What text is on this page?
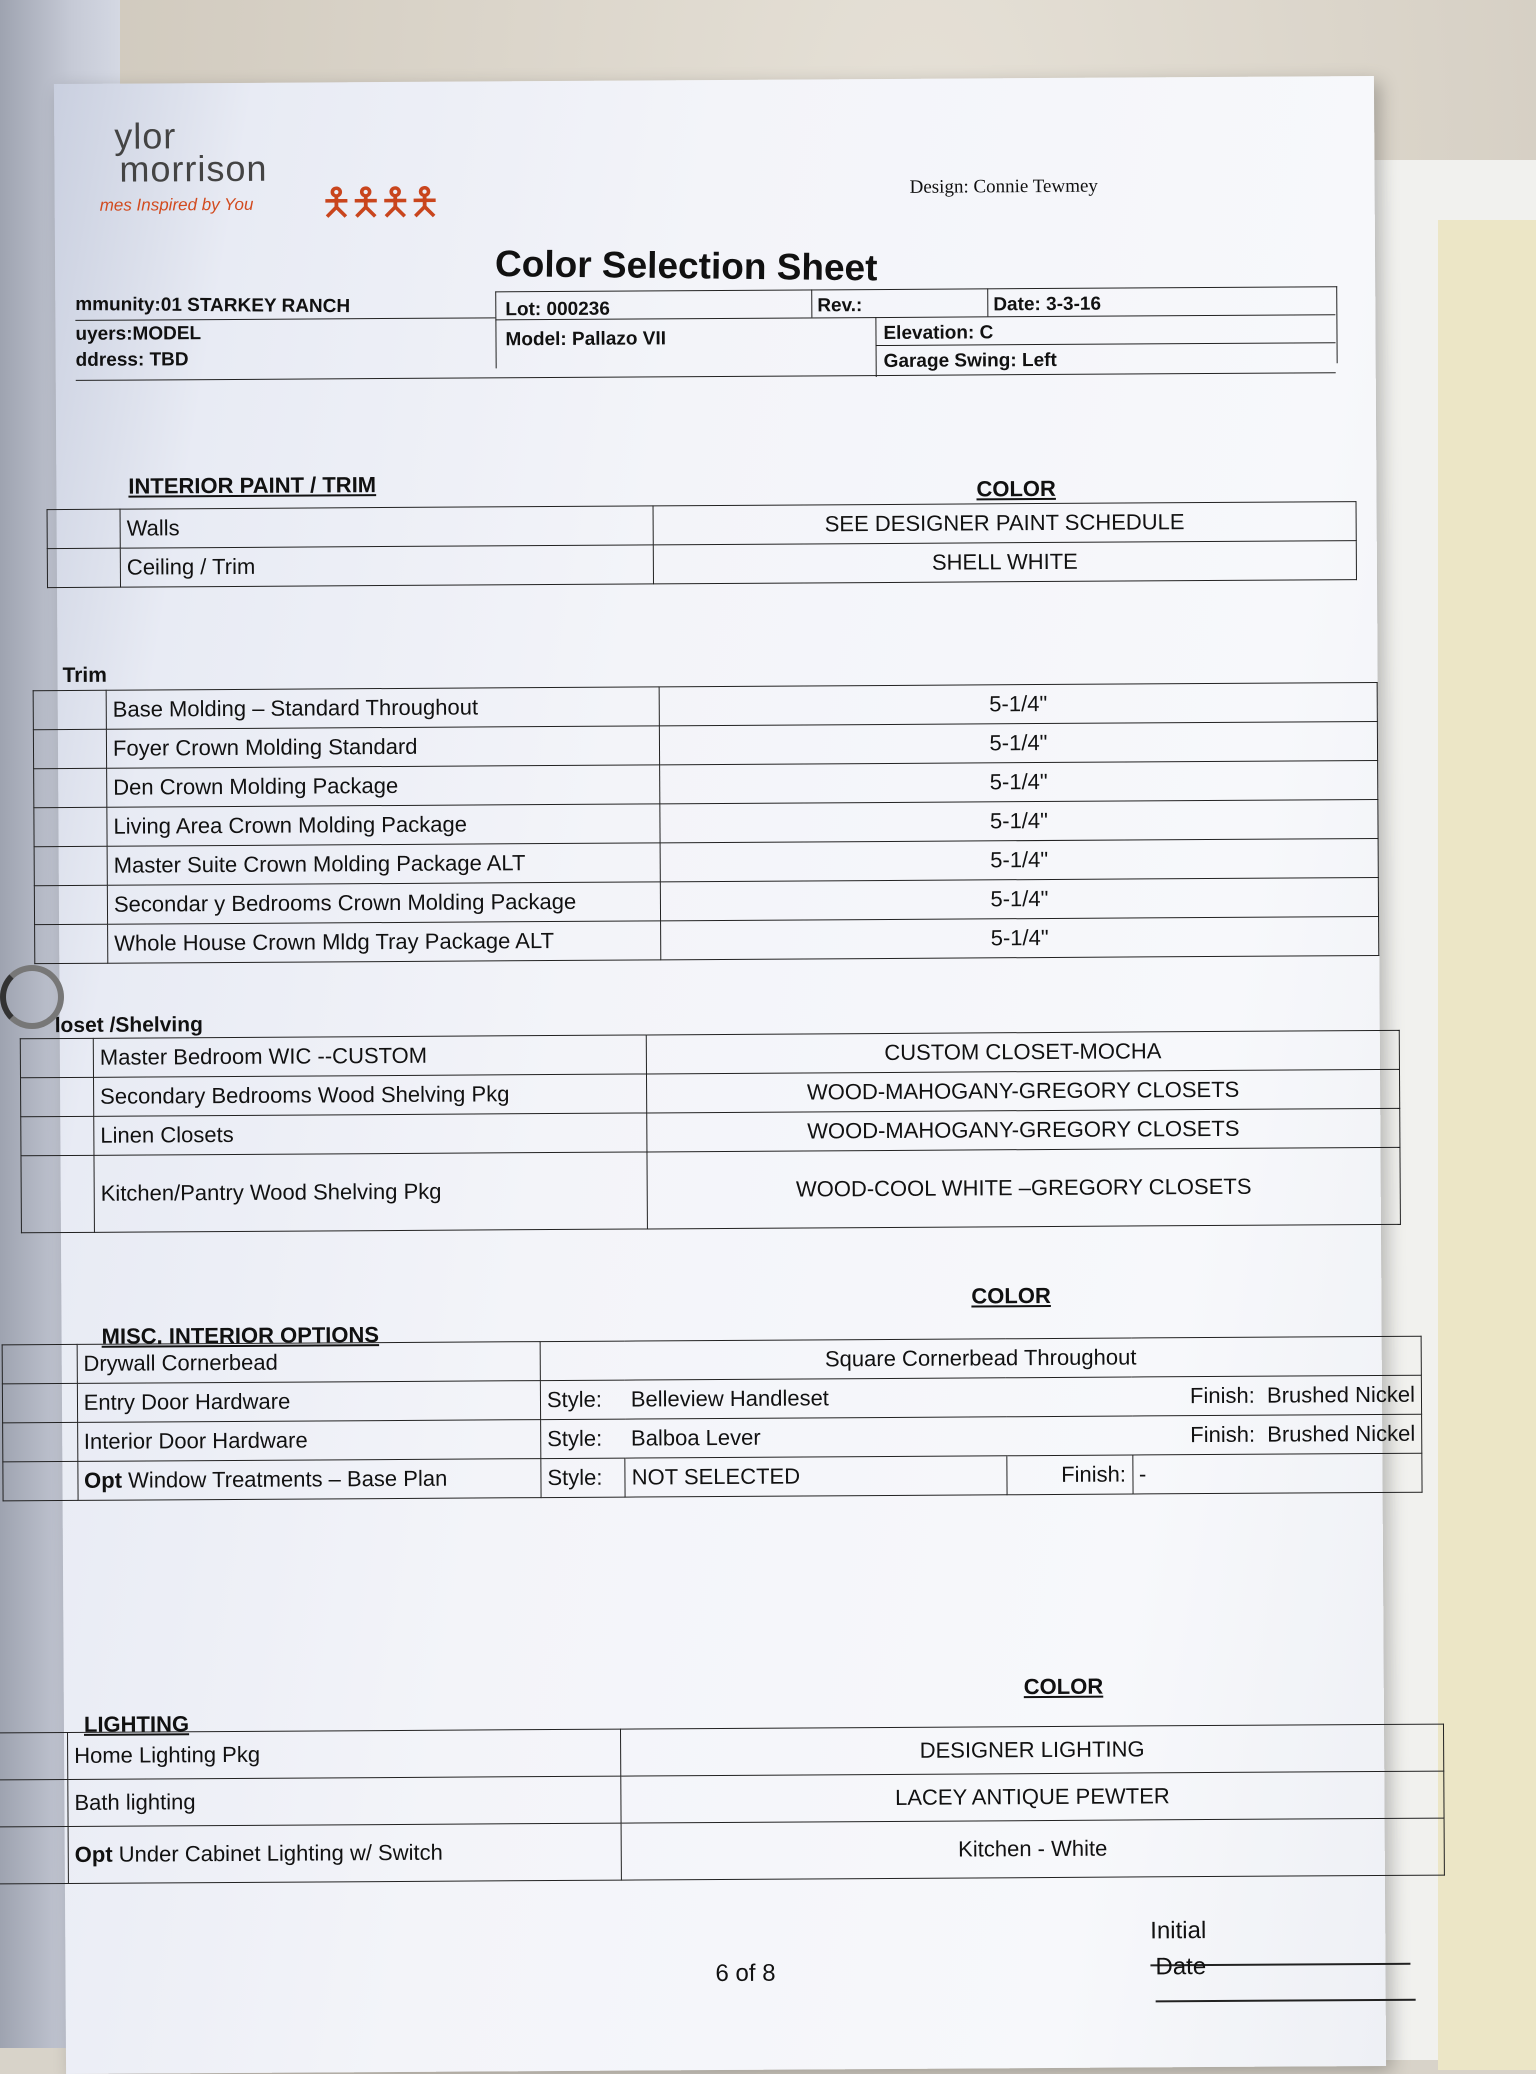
ylor
morrison
mes Inspired by You 🯅🯅🯅🯅	Design: Connie Tewmey
Color Selection Sheet
mmunity:01 STARKEY RANCH
uyers:MODEL
ddress: TBD
Lot: 000236
Model: Pallazo VII
Rev.:	Date: 3-3-16
Elevation: C
Garage Swing: Left
INTERIOR PAINT / TRIM	COLOR
	Walls	SEE DESIGNER PAINT SCHEDULE
	Ceiling / Trim	SHELL WHITE
Trim
	Base Molding – Standard Throughout	5-1/4"
	Foyer Crown Molding Standard	5-1/4"
	Den Crown Molding Package	5-1/4"
	Living Area Crown Molding Package	5-1/4"
	Master Suite Crown Molding Package ALT	5-1/4"
	Secondar y Bedrooms Crown Molding Package	5-1/4"
	Whole House Crown Mldg Tray Package ALT	5-1/4"
loset /Shelving
	Master Bedroom WIC --CUSTOM	CUSTOM CLOSET-MOCHA
	Secondary Bedrooms Wood Shelving Pkg	WOOD-MAHOGANY-GREGORY CLOSETS
	Linen Closets	WOOD-MAHOGANY-GREGORY CLOSETS
	Kitchen/Pantry Wood Shelving Pkg	WOOD-COOL WHITE –GREGORY CLOSETS
MISC. INTERIOR OPTIONS
COLOR
	Drywall Cornerbead	Square Cornerbead Throughout			
	Entry Door Hardware	Style:	Belleview Handleset	Finish: Brushed Nickel	
	Interior Door Hardware	Style:	Balboa Lever	Finish: Brushed Nickel	
	Opt Window Treatments – Base Plan	Style:	NOT SELECTED	Finish:	-
LIGHTING
COLOR
	Home Lighting Pkg	DESIGNER LIGHTING
	Bath lighting	LACEY ANTIQUE PEWTER
	Opt Under Cabinet Lighting w/ Switch	Kitchen - White
6 of 8
Initial
Date
